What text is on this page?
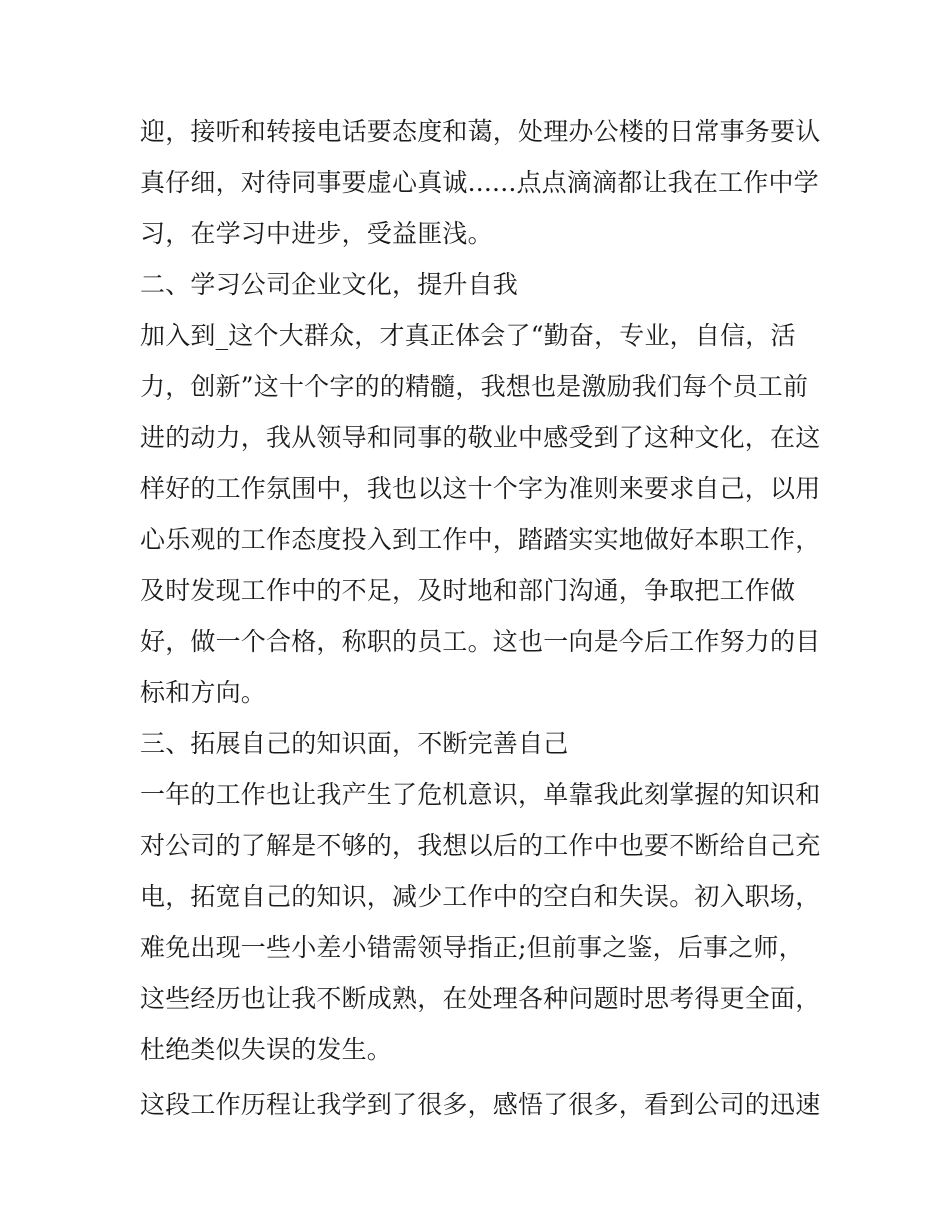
迎，接听和转接电话要态度和蔼，处理办公楼的日常事务要认
真仔细，对待同事要虚心真诚......点点滴滴都让我在工作中学
习，在学习中进步，受益匪浅。
二、学习公司企业文化，提升自我
加入到_这个大群众，才真正体会了“勤奋，专业，自信，活
力，创新”这十个字的的精髓，我想也是激励我们每个员工前
进的动力，我从领导和同事的敬业中感受到了这种文化，在这
样好的工作氛围中，我也以这十个字为准则来要求自己，以用
心乐观的工作态度投入到工作中，踏踏实实地做好本职工作，
及时发现工作中的不足，及时地和部门沟通，争取把工作做
好，做一个合格，称职的员工。这也一向是今后工作努力的目
标和方向。
三、拓展自己的知识面，不断完善自己
一年的工作也让我产生了危机意识，单靠我此刻掌握的知识和
对公司的了解是不够的，我想以后的工作中也要不断给自己充
电，拓宽自己的知识，减少工作中的空白和失误。初入职场，
难免出现一些小差小错需领导指正;但前事之鉴，后事之师，
这些经历也让我不断成熟，在处理各种问题时思考得更全面，
杜绝类似失误的发生。
这段工作历程让我学到了很多，感悟了很多，看到公司的迅速
